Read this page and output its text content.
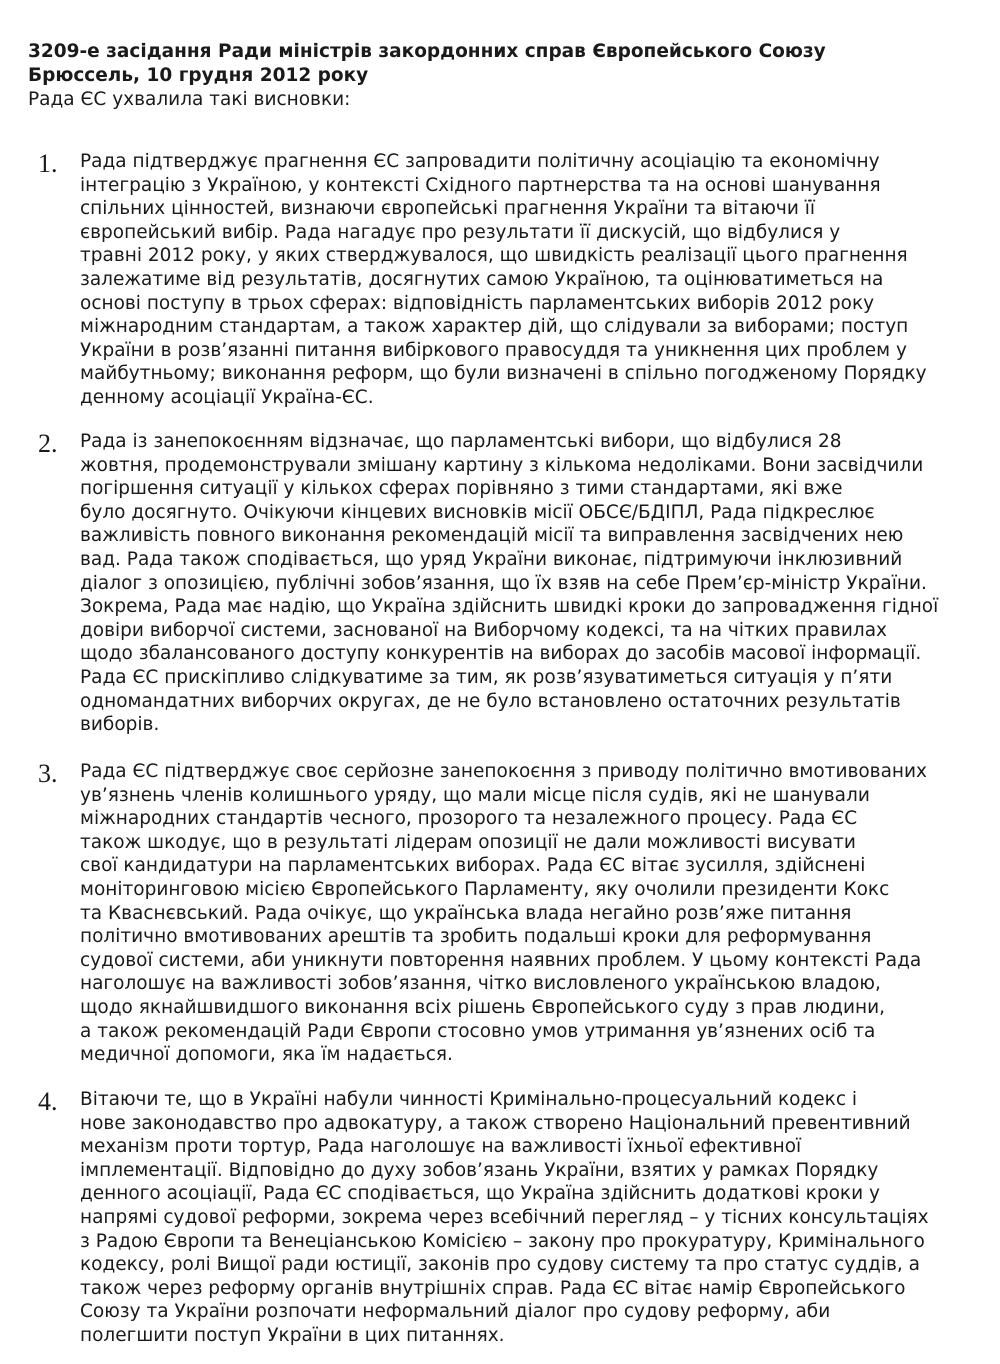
3209-е засідання Ради міністрів закордонних справ Європейського Союзу

Брюссель, 10 грудня 2012 року

Рада ЄС ухвалила такі висновки:

1. Рада підтверджує прагнення ЄС запровадити політичну асоціацію та економічну
інтеграцію з Україною, у контексті Східного партнерства та на основі шанування
спільних цінностей, визнаючи європейські прагнення України та вітаючи її
європейський вибір. Рада нагадує про результати її дискусій, що відбулися у
травні 2012 року, у яких стверджувалося, що швидкість реалізації цього прагнення
залежатиме від результатів, досягнутих самою Україною, та оцінюватиметься на
основі поступу в трьох сферах: відповідність парламентських виборів 2012 року
міжнародним стандартам, а також характер дій, що слідували за виборами; поступ
України в розв’язанні питання вибіркового правосуддя та уникнення цих проблем у
майбутньому; виконання реформ, що були визначені в спільно погодженому Порядку
денному асоціації Україна-ЄС.
2. Рада із занепокоєнням відзначає, що парламентські вибори, що відбулися 28
жовтня, продемонстрували змішану картину з кількома недоліками. Вони засвідчили
погіршення ситуації у кількох сферах порівняно з тими стандартами, які вже
було досягнуто. Очікуючи кінцевих висновків місії ОБСЄ/БДІПЛ, Рада підкреслює
важливість повного виконання рекомендацій місії та виправлення засвідчених нею
вад. Рада також сподівається, що уряд України виконає, підтримуючи інклюзивний
діалог з опозицією, публічні зобов’язання, що їх взяв на себе Прем’єр-міністр України.
Зокрема, Рада має надію, що Україна здійснить швидкі кроки до запровадження гідної
довіри виборчої системи, заснованої на Виборчому кодексі, та на чітких правилах
щодо збалансованого доступу конкурентів на виборах до засобів масової інформації.
Рада ЄС прискіпливо слідкуватиме за тим, як розв’язуватиметься ситуація у п’яти
одномандатних виборчих округах, де не було встановлено остаточних результатів
виборів.
3. Рада ЄС підтверджує своє серйозне занепокоєння з приводу політично вмотивованих
ув’язнень членів колишнього уряду, що мали місце після судів, які не шанували
міжнародних стандартів чесного, прозорого та незалежного процесу. Рада ЄС
також шкодує, що в результаті лідерам опозиції не дали можливості висувати
свої кандидатури на парламентських виборах. Рада ЄС вітає зусилля, здійснені
моніторинговою місією Європейського Парламенту, яку очолили президенти Кокс
та Кваснєвський. Рада очікує, що українська влада негайно розв’яже питання
політично вмотивованих арештів та зробить подальші кроки для реформування
судової системи, аби уникнути повторення наявних проблем. У цьому контексті Рада
наголошує на важливості зобов’язання, чітко висловленого українською владою,
щодо якнайшвидшого виконання всіх рішень Європейського суду з прав людини,
а також рекомендацій Ради Європи стосовно умов утримання ув’язнених осіб та
медичної допомоги, яка їм надається.
4. Вітаючи те, що в Україні набули чинності Кримінально-процесуальний кодекс і
нове законодавство про адвокатуру, а також створено Національний превентивний
механізм проти тортур, Рада наголошує на важливості їхньої ефективної
імплементації. Відповідно до духу зобов’язань України, взятих у рамках Порядку
денного асоціації, Рада ЄС сподівається, що Україна здійснить додаткові кроки у
напрямі судової реформи, зокрема через всебічний перегляд – у тісних консультаціях
з Радою Європи та Венеціанською Комісією – закону про прокуратуру, Кримінального
кодексу, ролі Вищої ради юстиції, законів про судову систему та про статус суддів, а
також через реформу органів внутрішніх справ. Рада ЄС вітає намір Європейського
Союзу та України розпочати неформальний діалог про судову реформу, аби
полегшити поступ України в цих питаннях.
